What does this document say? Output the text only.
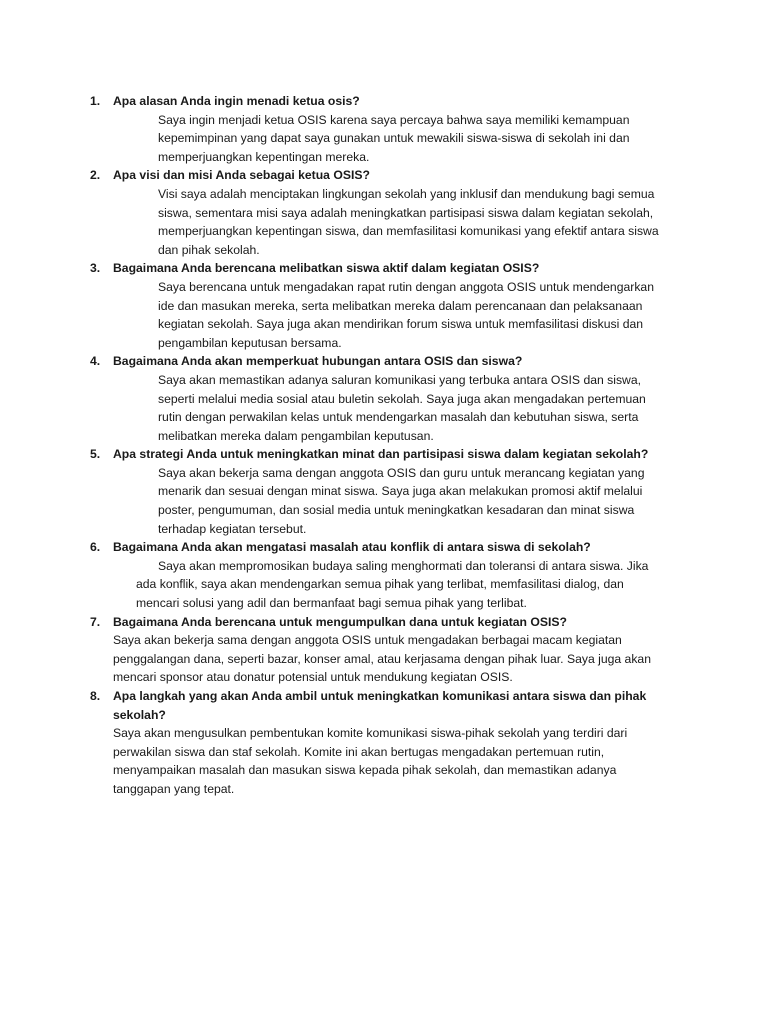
1. Apa alasan Anda ingin menadi ketua osis?
Saya ingin menjadi ketua OSIS karena saya percaya bahwa saya memiliki kemampuan kepemimpinan yang dapat saya gunakan untuk mewakili siswa-siswa di sekolah ini dan memperjuangkan kepentingan mereka.
2. Apa visi dan misi Anda sebagai ketua OSIS?
Visi saya adalah menciptakan lingkungan sekolah yang inklusif dan mendukung bagi semua siswa, sementara misi saya adalah meningkatkan partisipasi siswa dalam kegiatan sekolah, memperjuangkan kepentingan siswa, dan memfasilitasi komunikasi yang efektif antara siswa dan pihak sekolah.
3. Bagaimana Anda berencana melibatkan siswa aktif dalam kegiatan OSIS?
Saya berencana untuk mengadakan rapat rutin dengan anggota OSIS untuk mendengarkan ide dan masukan mereka, serta melibatkan mereka dalam perencanaan dan pelaksanaan kegiatan sekolah. Saya juga akan mendirikan forum siswa untuk memfasilitasi diskusi dan pengambilan keputusan bersama.
4. Bagaimana Anda akan memperkuat hubungan antara OSIS dan siswa?
Saya akan memastikan adanya saluran komunikasi yang terbuka antara OSIS dan siswa, seperti melalui media sosial atau buletin sekolah. Saya juga akan mengadakan pertemuan rutin dengan perwakilan kelas untuk mendengarkan masalah dan kebutuhan siswa, serta melibatkan mereka dalam pengambilan keputusan.
5. Apa strategi Anda untuk meningkatkan minat dan partisipasi siswa dalam kegiatan sekolah?
Saya akan bekerja sama dengan anggota OSIS dan guru untuk merancang kegiatan yang menarik dan sesuai dengan minat siswa. Saya juga akan melakukan promosi aktif melalui poster, pengumuman, dan sosial media untuk meningkatkan kesadaran dan minat siswa terhadap kegiatan tersebut.
6. Bagaimana Anda akan mengatasi masalah atau konflik di antara siswa di sekolah?
Saya akan mempromosikan budaya saling menghormati dan toleransi di antara siswa. Jika ada konflik, saya akan mendengarkan semua pihak yang terlibat, memfasilitasi dialog, dan mencari solusi yang adil dan bermanfaat bagi semua pihak yang terlibat.
7. Bagaimana Anda berencana untuk mengumpulkan dana untuk kegiatan OSIS?
Saya akan bekerja sama dengan anggota OSIS untuk mengadakan berbagai macam kegiatan penggalangan dana, seperti bazar, konser amal, atau kerjasama dengan pihak luar. Saya juga akan mencari sponsor atau donatur potensial untuk mendukung kegiatan OSIS.
8. Apa langkah yang akan Anda ambil untuk meningkatkan komunikasi antara siswa dan pihak sekolah?
Saya akan mengusulkan pembentukan komite komunikasi siswa-pihak sekolah yang terdiri dari perwakilan siswa dan staf sekolah. Komite ini akan bertugas mengadakan pertemuan rutin, menyampaikan masalah dan masukan siswa kepada pihak sekolah, dan memastikan adanya tanggapan yang tepat.
